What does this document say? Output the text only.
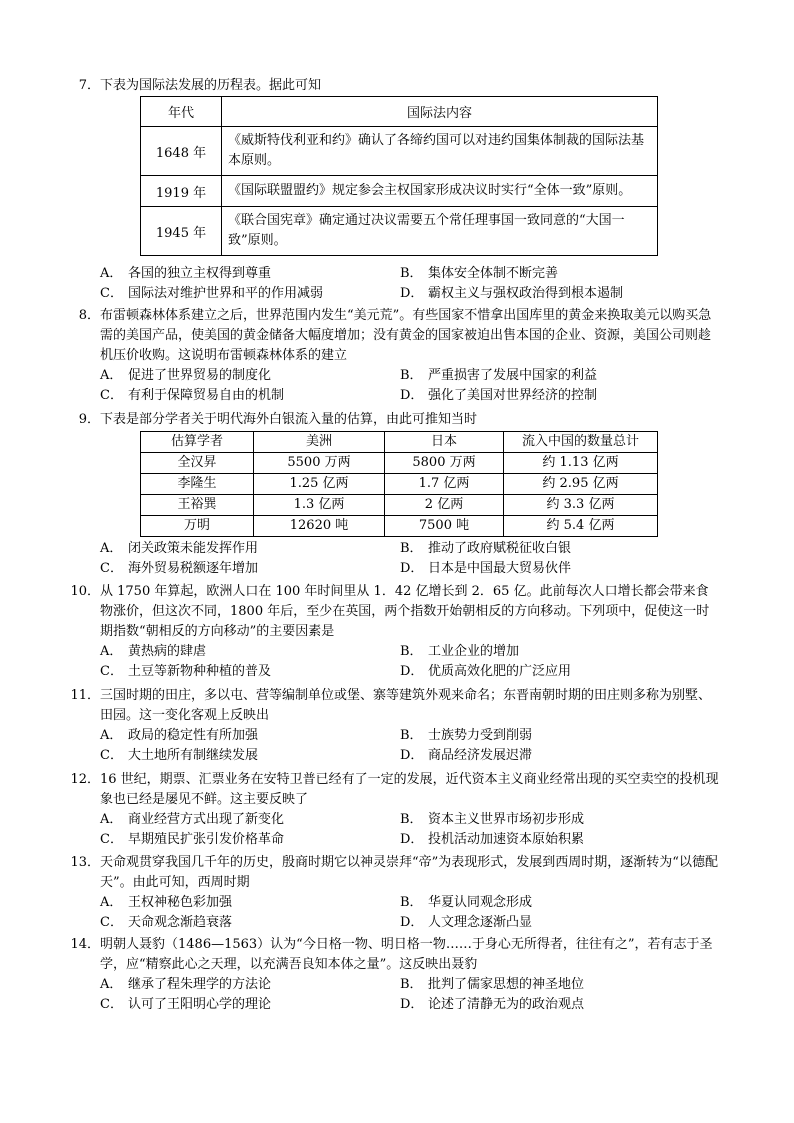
7．下表为国际法发展的历程表。据此可知

年代	国际法内容
1648 年	《威斯特伐利亚和约》确认了各缔约国可以对违约国集体制裁的国际法基本原则。
1919 年	《国际联盟盟约》规定参会主权国家形成决议时实行“全体一致”原则。
1945 年	《联合国宪章》确定通过决议需要五个常任理事国一致同意的“大国一致”原则。
A． 各国的独立主权得到尊重	B． 集体安全体制不断完善
C． 国际法对维护世界和平的作用减弱	D． 霸权主义与强权政治得到根本遏制

8．布雷顿森林体系建立之后，世界范围内发生“美元荒”。有些国家不惜拿出国库里的黄金来换取美元以购买急需的美国产品，使美国的黄金储备大幅度增加；没有黄金的国家被迫出售本国的企业、资源，美国公司则趁机压价收购。这说明布雷顿森林体系的建立

A． 促进了世界贸易的制度化	B． 严重损害了发展中国家的利益
C． 有利于保障贸易自由的机制	D． 强化了美国对世界经济的控制

9．下表是部分学者关于明代海外白银流入量的估算，由此可推知当时

估算学者	美洲	日本	流入中国的数量总计
全汉昇	5500 万两	5800 万两	约 1.13 亿两
李隆生	1.25 亿两	1.7 亿两	约 2.95 亿两
王裕巽	1.3 亿两	2 亿两	约 3.3 亿两
万明	12620 吨	7500 吨	约 5.4 亿两
A． 闭关政策未能发挥作用	B． 推动了政府赋税征收白银
C． 海外贸易税额逐年增加	D． 日本是中国最大贸易伙伴

10．从 1750 年算起，欧洲人口在 100 年时间里从 1．42 亿增长到 2．65 亿。此前每次人口增长都会带来食物涨价，但这次不同，1800 年后，至少在英国，两个指数开始朝相反的方向移动。下列项中，促使这一时期指数“朝相反的方向移动”的主要因素是

A． 黄热病的肆虐	B． 工业企业的增加
C． 土豆等新物种种植的普及	D． 优质高效化肥的广泛应用

11．三国时期的田庄，多以屯、营等编制单位或堡、寨等建筑外观来命名；东晋南朝时期的田庄则多称为别墅、田园。这一变化客观上反映出

A． 政局的稳定性有所加强	B． 士族势力受到削弱
C． 大土地所有制继续发展	D． 商品经济发展迟滞

12．16 世纪，期票、汇票业务在安特卫普已经有了一定的发展，近代资本主义商业经常出现的买空卖空的投机现象也已经是屡见不鲜。这主要反映了

A． 商业经营方式出现了新变化	B． 资本主义世界市场初步形成
C． 早期殖民扩张引发价格革命	D． 投机活动加速资本原始积累

13．天命观贯穿我国几千年的历史，殷商时期它以神灵崇拜“帝”为表现形式，发展到西周时期，逐渐转为“以德配天”。由此可知，西周时期

A． 王权神秘色彩加强	B． 华夏认同观念形成
C． 天命观念渐趋衰落	D． 人文理念逐渐凸显

14．明朝人聂豹（1486—1563）认为“今日格一物、明日格一物……于身心无所得者，往往有之”，若有志于圣学，应“精察此心之天理，以充满吾良知本体之量”。这反映出聂豹

A． 继承了程朱理学的方法论	B． 批判了儒家思想的神圣地位
C． 认可了王阳明心学的理论	D． 论述了清静无为的政治观点
